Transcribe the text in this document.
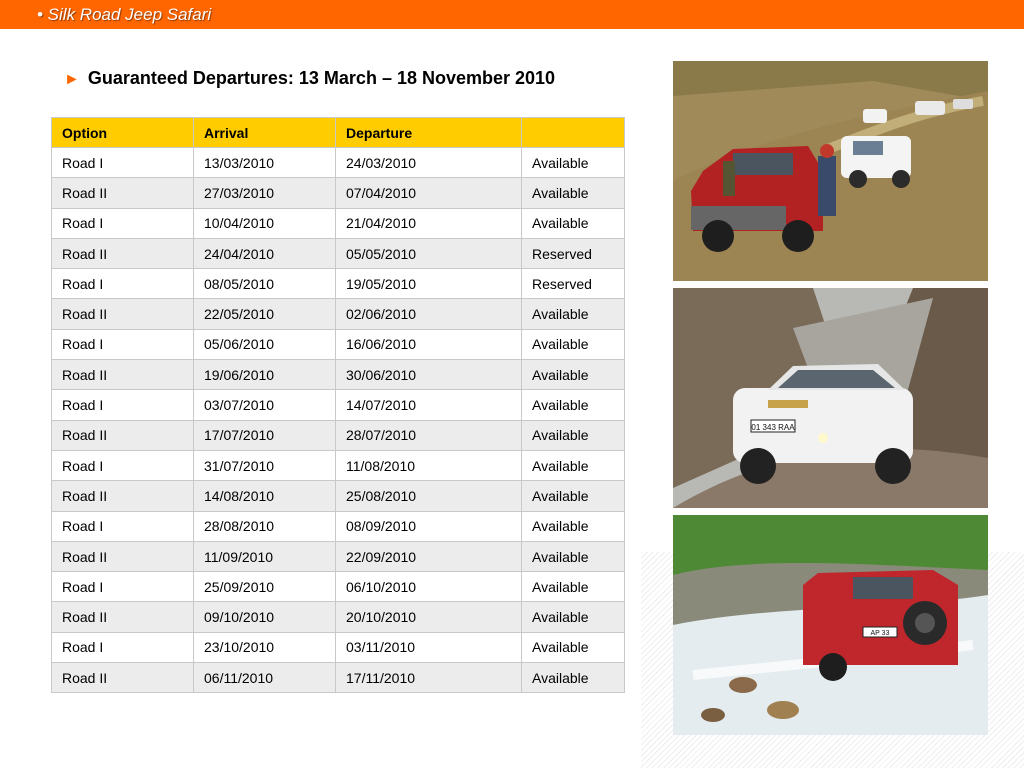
• Silk Road Jeep Safari
► Guaranteed Departures: 13 March – 18 November 2010
Option	Arrival	Departure	
Road I	13/03/2010	24/03/2010	Available
Road II	27/03/2010	07/04/2010	Available
Road I	10/04/2010	21/04/2010	Available
Road II	24/04/2010	05/05/2010	Reserved
Road I	08/05/2010	19/05/2010	Reserved
Road II	22/05/2010	02/06/2010	Available
Road I	05/06/2010	16/06/2010	Available
Road II	19/06/2010	30/06/2010	Available
Road I	03/07/2010	14/07/2010	Available
Road II	17/07/2010	28/07/2010	Available
Road I	31/07/2010	11/08/2010	Available
Road II	14/08/2010	25/08/2010	Available
Road I	28/08/2010	08/09/2010	Available
Road II	11/09/2010	22/09/2010	Available
Road I	25/09/2010	06/10/2010	Available
Road II	09/10/2010	20/10/2010	Available
Road I	23/10/2010	03/11/2010	Available
Road II	06/11/2010	17/11/2010	Available
01 343 RAA
AP 33
